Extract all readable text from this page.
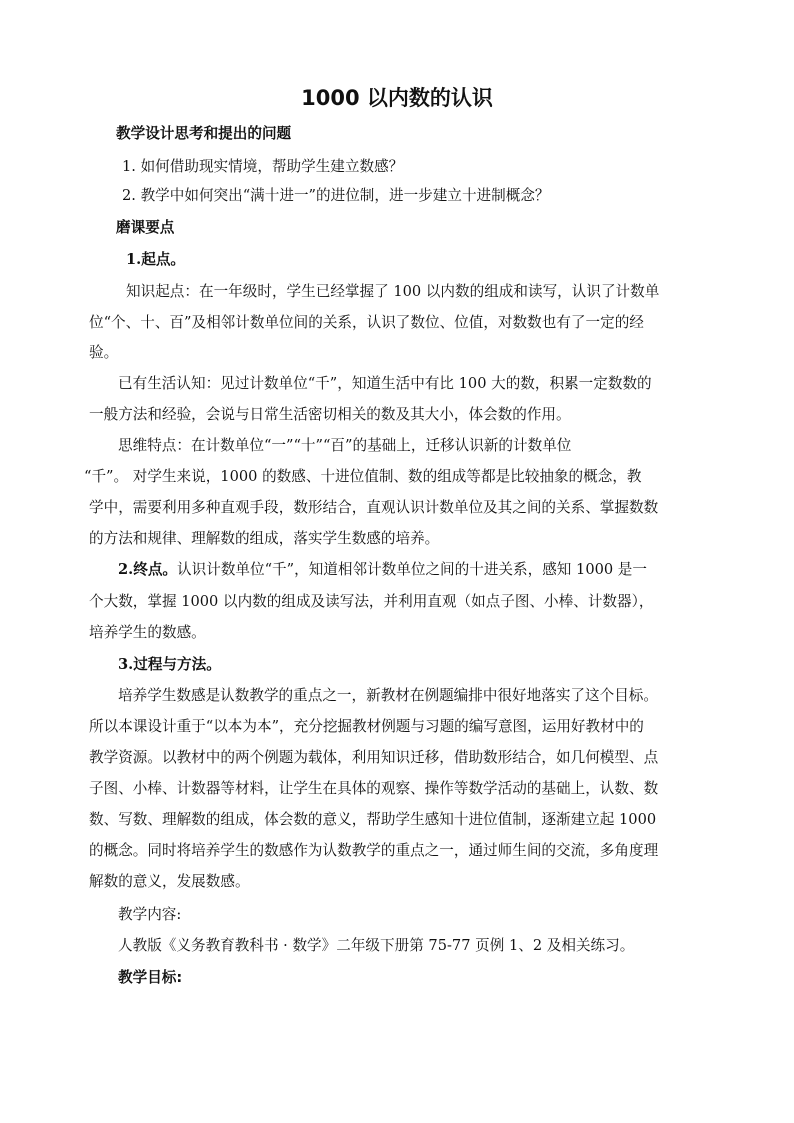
1000 以内数的认识
教学设计思考和提出的问题
1. 如何借助现实情境，帮助学生建立数感？
2. 教学中如何突出“满十进一”的进位制，进一步建立十进制概念？
磨课要点
1.起点。
知识起点：在一年级时，学生已经掌握了 100 以内数的组成和读写，认识了计数单
位“个、十、百”及相邻计数单位间的关系，认识了数位、位值，对数数也有了一定的经
验。
已有生活认知：见过计数单位“千”，知道生活中有比 100 大的数，积累一定数数的
一般方法和经验，会说与日常生活密切相关的数及其大小，体会数的作用。
思维特点：在计数单位“一”“十”“百”的基础上，迁移认识新的计数单位
“千”。 对学生来说，1000 的数感、十进位值制、数的组成等都是比较抽象的概念，教
学中，需要利用多种直观手段，数形结合，直观认识计数单位及其之间的关系、掌握数数
的方法和规律、理解数的组成，落实学生数感的培养。
2.终点。认识计数单位“千”，知道相邻计数单位之间的十进关系，感知 1000 是一
个大数，掌握 1000 以内数的组成及读写法，并利用直观（如点子图、小棒、计数器），
培养学生的数感。
3.过程与方法。
培养学生数感是认数教学的重点之一，新教材在例题编排中很好地落实了这个目标。
所以本课设计重于“以本为本”，充分挖掘教材例题与习题的编写意图，运用好教材中的
教学资源。以教材中的两个例题为载体，利用知识迁移，借助数形结合，如几何模型、点
子图、小棒、计数器等材料，让学生在具体的观察、操作等数学活动的基础上，认数、数
数、写数、理解数的组成，体会数的意义，帮助学生感知十进位值制，逐渐建立起 1000
的概念。同时将培养学生的数感作为认数教学的重点之一，通过师生间的交流，多角度理
解数的意义，发展数感。
教学内容:
人教版《义务教育教科书 · 数学》二年级下册第 75-77 页例 1、2 及相关练习。
教学目标:
